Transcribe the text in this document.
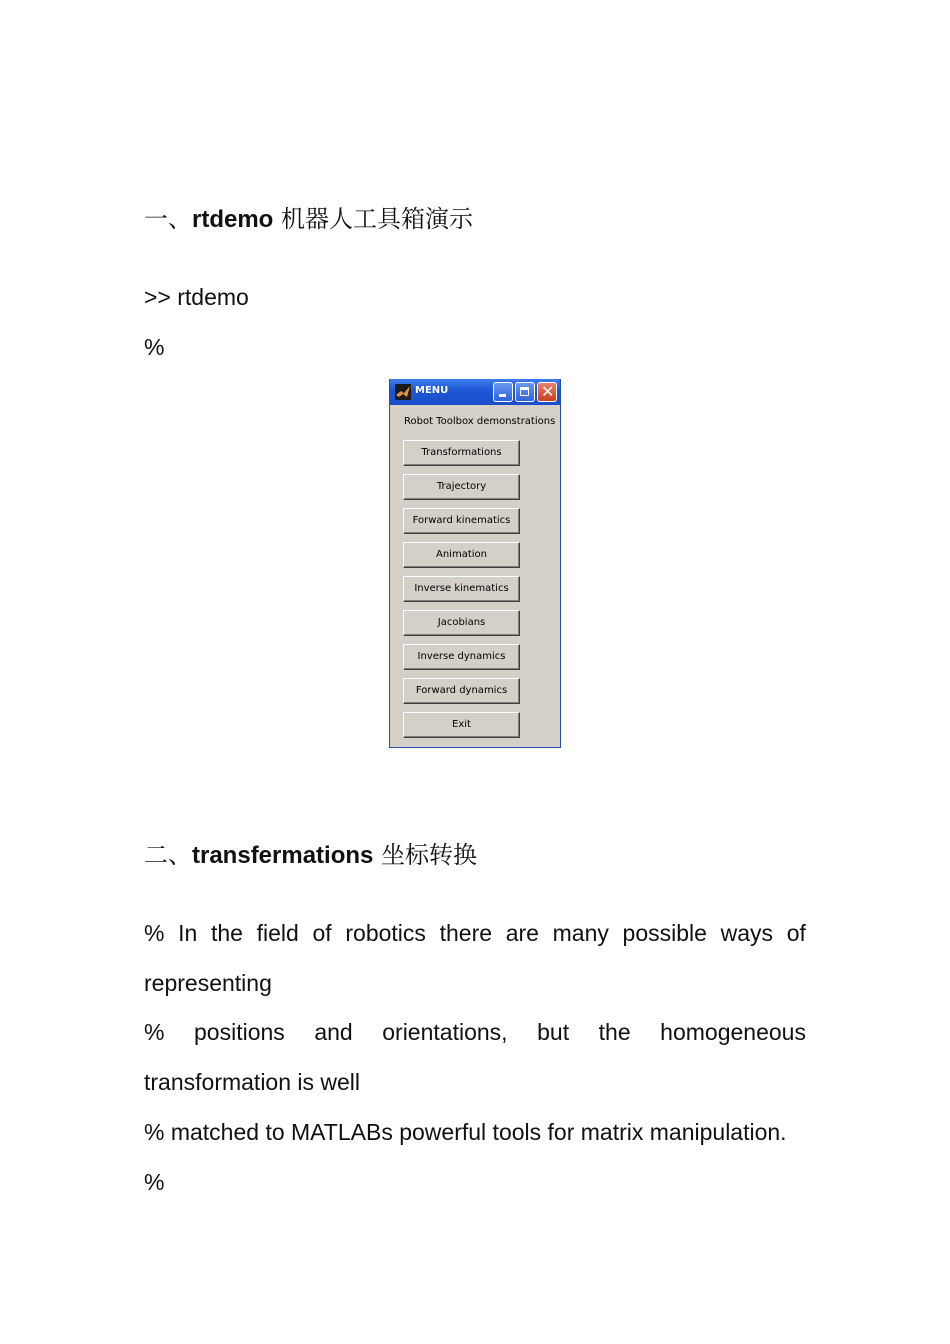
一、rtdemo 机器人工具箱演示
>> rtdemo
%
MENU	✕
Robot Toolbox demonstrations
Transformations
Trajectory
Forward kinematics
Animation
Inverse kinematics
Jacobians
Inverse dynamics
Forward dynamics
Exit
二、transfermations 坐标转换
% In the field of robotics there are many possible ways of
representing
% positions and orientations, but the homogeneous
transformation is well
% matched to MATLABs powerful tools for matrix manipulation.
%
